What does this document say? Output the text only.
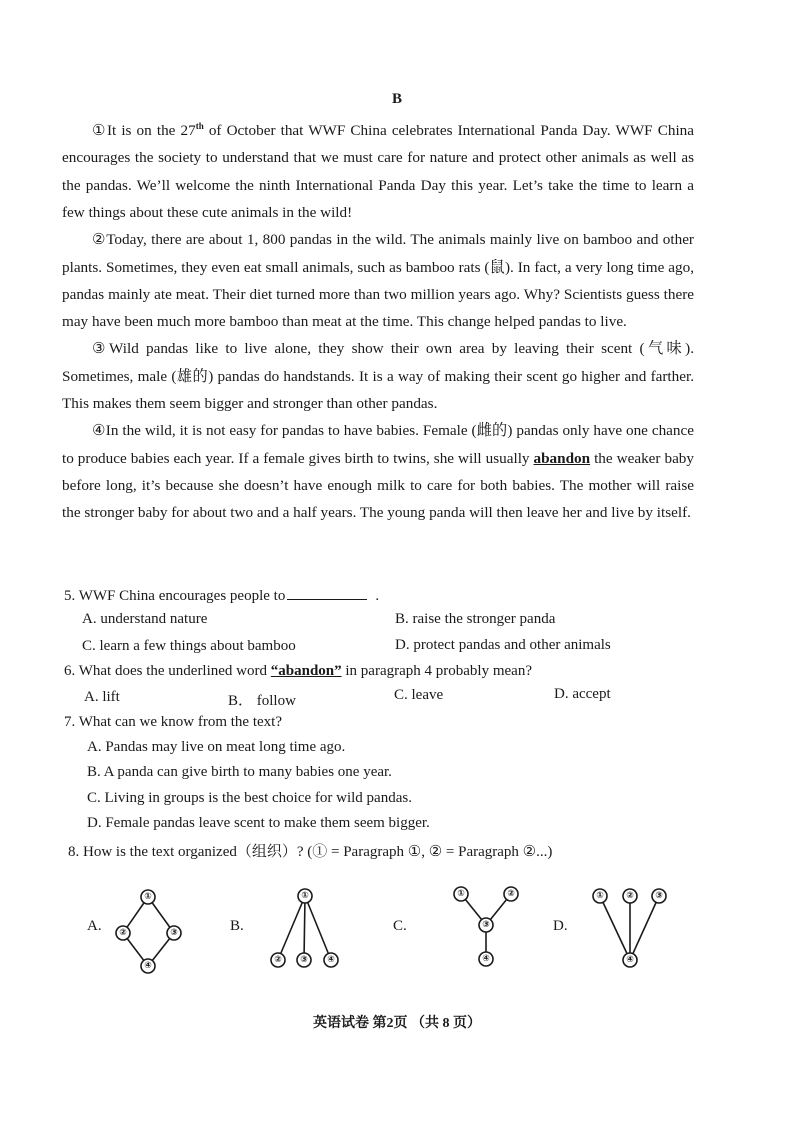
B

①It is on the 27th of October that WWF China celebrates International Panda Day. WWF China encourages the society to understand that we must care for nature and protect other animals as well as the pandas. We’ll welcome the ninth International Panda Day this year. Let’s take the time to learn a few things about these cute animals in the wild!

②Today, there are about 1, 800 pandas in the wild. The animals mainly live on bamboo and other plants. Sometimes, they even eat small animals, such as bamboo rats (鼠). In fact, a very long time ago, pandas mainly ate meat. Their diet turned more than two million years ago. Why? Scientists guess there may have been much more bamboo than meat at the time. This change helped pandas to live.

③Wild pandas like to live alone, they show their own area by leaving their scent (气味). Sometimes, male (雄的) pandas do handstands. It is a way of making their scent go higher and farther. This makes them seem bigger and stronger than other pandas.

④In the wild, it is not easy for pandas to have babies. Female (雌的) pandas only have one chance to produce babies each year. If a female gives birth to twins, she will usually abandon the weaker baby before long, it’s because she doesn’t have enough milk to care for both babies. The mother will raise the stronger baby for about two and a half years. The young panda will then leave her and live by itself.

5. WWF China encourages people to	.
A. understand nature	B. raise the stronger panda
C. learn a few things about bamboo	D. protect pandas and other animals
6. What does the underlined word “abandon” in paragraph 4 probably mean?
A. lift	B． follow	C. leave	D. accept
7. What can we know from the text?
A. Pandas may live on meat long time ago.
B. A panda can give birth to many babies one year.
C. Living in groups is the best choice for wild pandas.
D. Female pandas leave scent to make them seem bigger.
8. How is the text organized（组织）? (① = Paragraph ①, ② = Paragraph ②...)
A.	B.	C.	D.
①
②	③
④
①
② ③ ④
①	②
③
④
① ② ③
④
英语试卷 第2页 （共 8 页）
